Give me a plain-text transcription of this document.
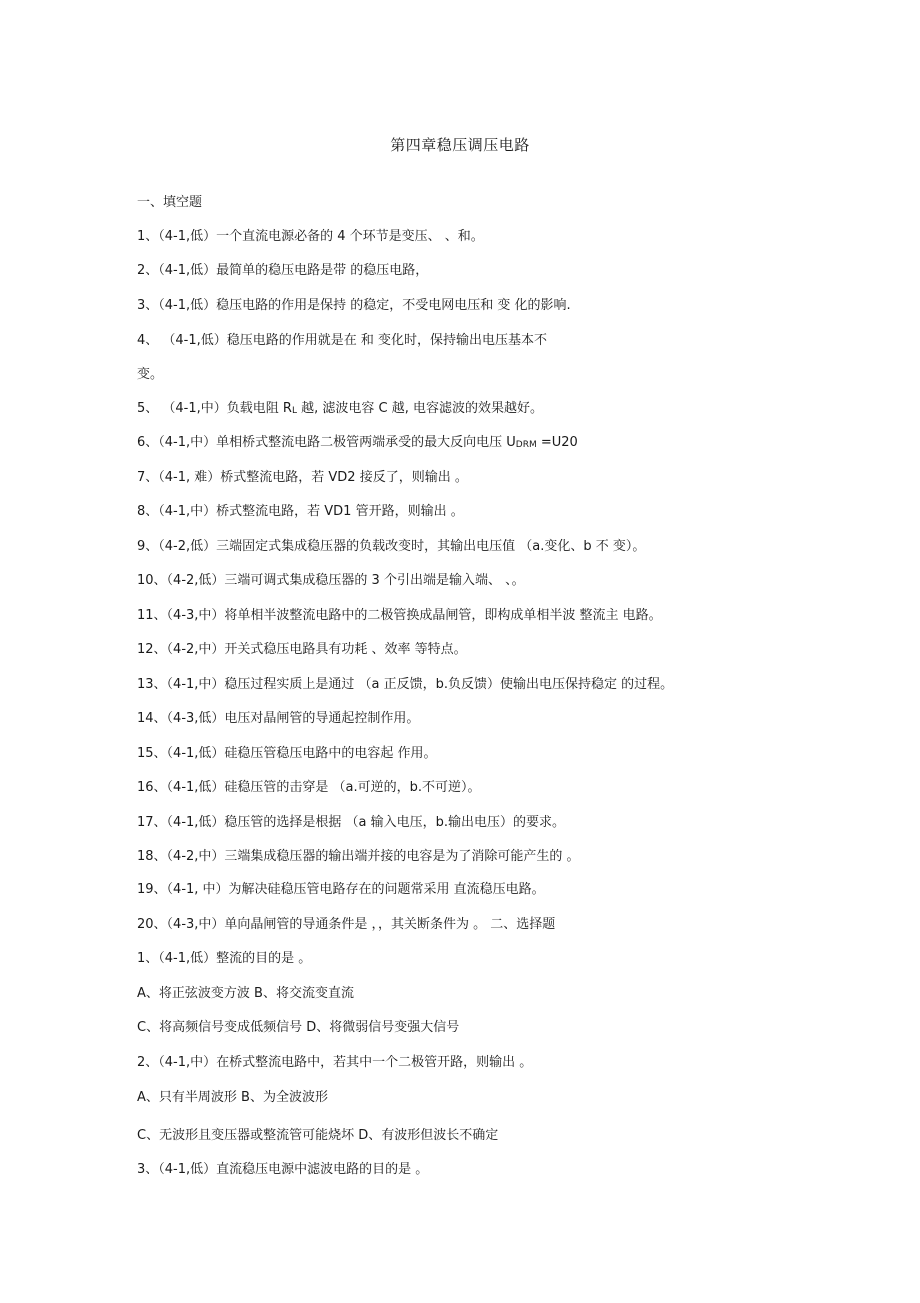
第四章稳压调压电路
一、填空题
1、（4-1,低）一个直流电源必备的 4 个环节是变压、 、和。
2、（4-1,低）最简单的稳压电路是带 的稳压电路，
3、（4-1,低）稳压电路的作用是保持 的稳定，不受电网电压和 变 化的影响.
4、 （4-1,低）稳压电路的作用就是在 和 变化时，保持输出电压基本不
变。
5、 （4-1,中）负载电阻 RL 越, 滤波电容 C 越, 电容滤波的效果越好。
6、（4-1,中）单相桥式整流电路二极管两端承受的最大反向电压 UDRM =U20
7、（4-1, 难）桥式整流电路，若 VD2 接反了，则输出 。
8、（4-1,中）桥式整流电路，若 VD1 管开路，则输出 。
9、（4-2,低）三端固定式集成稳压器的负载改变时，其输出电压值 （a.变化、b 不 变）。
10、（4-2,低）三端可调式集成稳压器的 3 个引出端是输入端、 、。
11、（4-3,中）将单相半波整流电路中的二极管换成晶闸管，即构成单相半波 整流主 电路。
12、（4-2,中）开关式稳压电路具有功耗 、效率 等特点。
13、（4-1,中）稳压过程实质上是通过 （a 正反馈，b.负反馈）使输出电压保持稳定 的过程。
14、（4-3,低）电压对晶闸管的导通起控制作用。
15、（4-1,低）硅稳压管稳压电路中的电容起 作用。
16、（4-1,低）硅稳压管的击穿是 （a.可逆的，b.不可逆）。
17、（4-1,低）稳压管的选择是根据 （a 输入电压，b.输出电压）的要求。
18、（4-2,中）三端集成稳压器的输出端并接的电容是为了消除可能产生的 。
19、（4-1, 中）为解决硅稳压管电路存在的问题常采用 直流稳压电路。
20、（4-3,中）单向晶闸管的导通条件是 ，，其关断条件为 。 二、选择题
1、（4-1,低）整流的目的是 。
A、将正弦波变方波 B、将交流变直流
C、将高频信号变成低频信号 D、将微弱信号变强大信号
2、（4-1,中）在桥式整流电路中，若其中一个二极管开路，则输出 。
A、只有半周波形 B、为全波波形
C、无波形且变压器或整流管可能烧坏 D、有波形但波长不确定
3、（4-1,低）直流稳压电源中滤波电路的目的是 。
